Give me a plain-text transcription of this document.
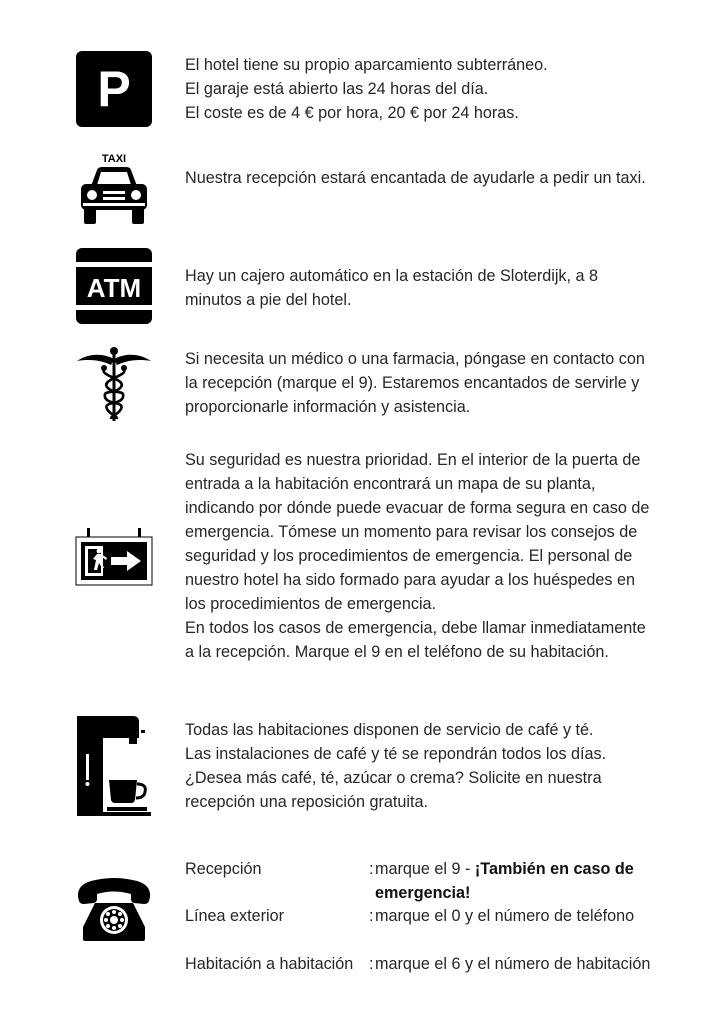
P	El hotel tiene su propio aparcamiento subterráneo.
El garaje está abierto las 24 horas del día.
El coste es de 4 € por hora, 20 € por 24 horas.
TAXI
Nuestra recepción estará encantada de ayudarle a pedir un taxi.
ATM	Hay un cajero automático en la estación de Sloterdijk, a 8 minutos a pie del hotel.
Si necesita un médico o una farmacia, póngase en contacto con la recepción (marque el 9). Estaremos encantados de servirle y proporcionarle información y asistencia.
Su seguridad es nuestra prioridad. En el interior de la puerta de entrada a la habitación encontrará un mapa de su planta, indicando por dónde puede evacuar de forma segura en caso de emergencia. Tómese un momento para revisar los consejos de seguridad y los procedimientos de emergencia. El personal de nuestro hotel ha sido formado para ayudar a los huéspedes en los procedimientos de emergencia.
En todos los casos de emergencia, debe llamar inmediatamente a la recepción. Marque el 9 en el teléfono de su habitación.
Todas las habitaciones disponen de servicio de café y té.
Las instalaciones de café y té se repondrán todos los días.
¿Desea más café, té, azúcar o crema? Solicite en nuestra recepción una reposición gratuita.
Recepción	: marque el 9 - ¡También en caso de emergencia!
Línea exterior	: marque el 0 y el número de teléfono
Habitación a habitación : marque el 6 y el número de habitación
